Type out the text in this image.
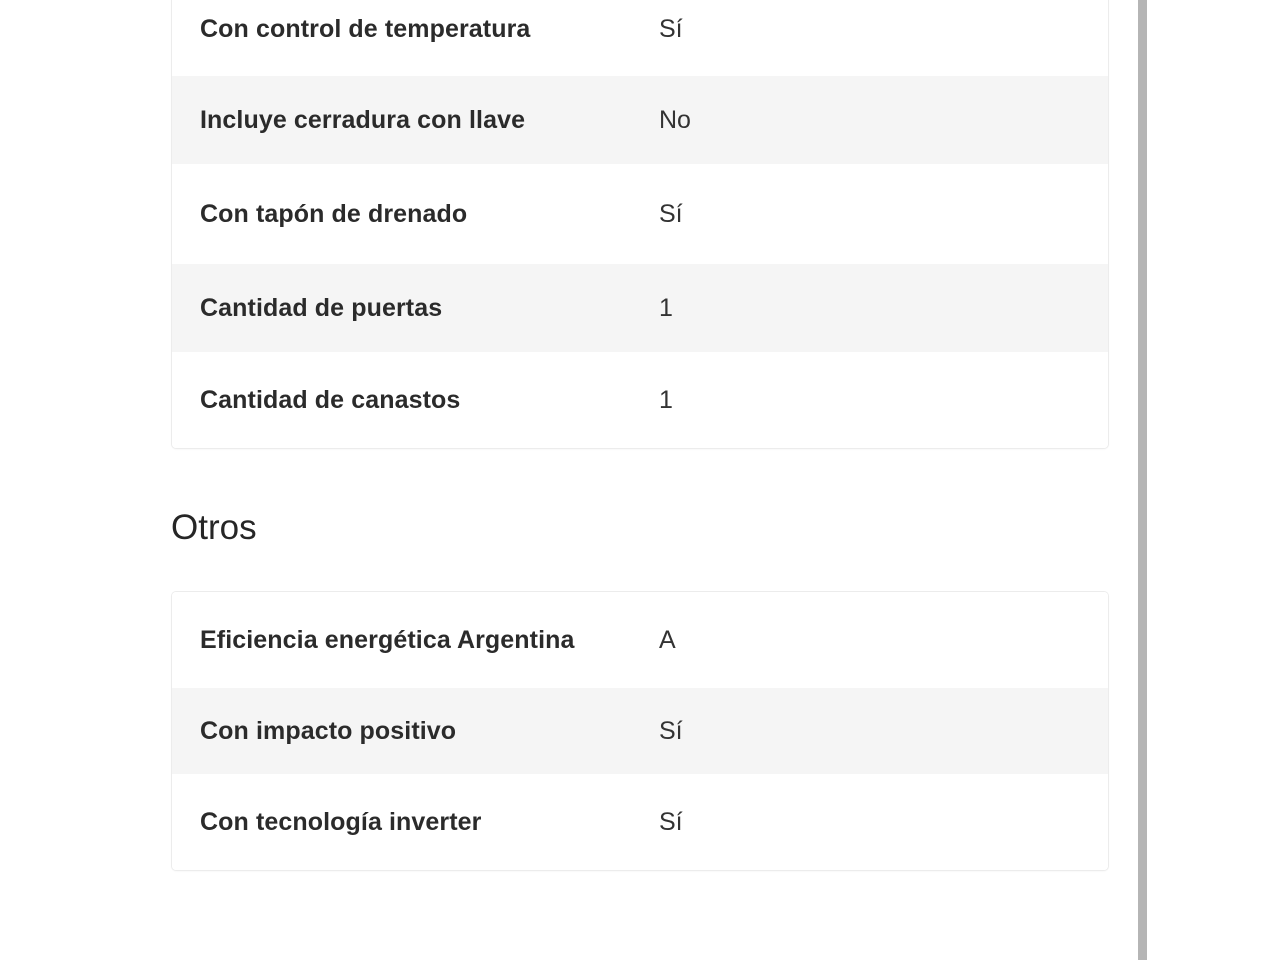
Con control de temperatura	Sí
Incluye cerradura con llave	No
Con tapón de drenado	Sí
Cantidad de puertas	1
Cantidad de canastos	1
Otros
Eficiencia energética Argentina	A
Con impacto positivo	Sí
Con tecnología inverter	Sí
